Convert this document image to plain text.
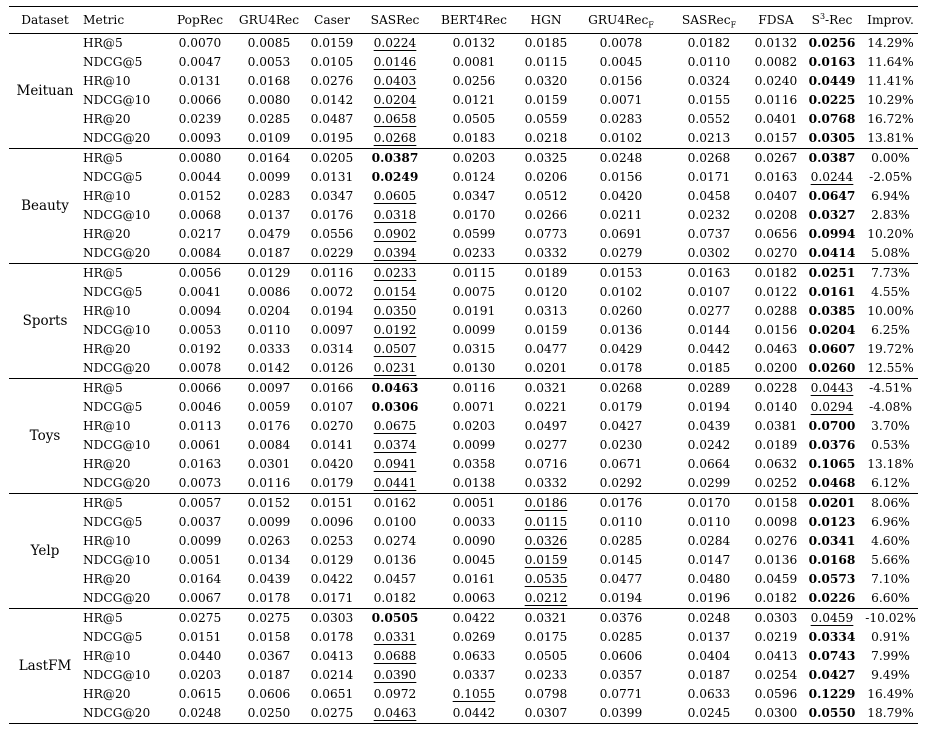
Dataset	Metric	PopRec	GRU4Rec	Caser	SASRec	BERT4Rec	HGN	GRU4Rec$_F$	SASRec$_F$	FDSA	$S^3$-Rec	Improv.
Meituan	HR@5	0.0070	0.0085	0.0159	0.0224	0.0132	0.0185	0.0078	0.0182	0.0132	0.0256	14.29%
	NDCG@5	0.0047	0.0053	0.0105	0.0146	0.0081	0.0115	0.0045	0.0110	0.0082	0.0163	11.64%
	HR@10	0.0131	0.0168	0.0276	0.0403	0.0256	0.0320	0.0156	0.0324	0.0240	0.0449	11.41%
	NDCG@10	0.0066	0.0080	0.0142	0.0204	0.0121	0.0159	0.0071	0.0155	0.0116	0.0225	10.29%
	HR@20	0.0239	0.0285	0.0487	0.0658	0.0505	0.0559	0.0283	0.0552	0.0401	0.0768	16.72%
	NDCG@20	0.0093	0.0109	0.0195	0.0268	0.0183	0.0218	0.0102	0.0213	0.0157	0.0305	13.81%
Beauty	HR@5	0.0080	0.0164	0.0205	0.0387	0.0203	0.0325	0.0248	0.0268	0.0267	0.0387	0.00%
	NDCG@5	0.0044	0.0099	0.0131	0.0249	0.0124	0.0206	0.0156	0.0171	0.0163	0.0244	-2.05%
	HR@10	0.0152	0.0283	0.0347	0.0605	0.0347	0.0512	0.0420	0.0458	0.0407	0.0647	6.94%
	NDCG@10	0.0068	0.0137	0.0176	0.0318	0.0170	0.0266	0.0211	0.0232	0.0208	0.0327	2.83%
	HR@20	0.0217	0.0479	0.0556	0.0902	0.0599	0.0773	0.0691	0.0737	0.0656	0.0994	10.20%
	NDCG@20	0.0084	0.0187	0.0229	0.0394	0.0233	0.0332	0.0279	0.0302	0.0270	0.0414	5.08%
Sports	HR@5	0.0056	0.0129	0.0116	0.0233	0.0115	0.0189	0.0153	0.0163	0.0182	0.0251	7.73%
	NDCG@5	0.0041	0.0086	0.0072	0.0154	0.0075	0.0120	0.0102	0.0107	0.0122	0.0161	4.55%
	HR@10	0.0094	0.0204	0.0194	0.0350	0.0191	0.0313	0.0260	0.0277	0.0288	0.0385	10.00%
	NDCG@10	0.0053	0.0110	0.0097	0.0192	0.0099	0.0159	0.0136	0.0144	0.0156	0.0204	6.25%
	HR@20	0.0192	0.0333	0.0314	0.0507	0.0315	0.0477	0.0429	0.0442	0.0463	0.0607	19.72%
	NDCG@20	0.0078	0.0142	0.0126	0.0231	0.0130	0.0201	0.0178	0.0185	0.0200	0.0260	12.55%
Toys	HR@5	0.0066	0.0097	0.0166	0.0463	0.0116	0.0321	0.0268	0.0289	0.0228	0.0443	-4.51%
	NDCG@5	0.0046	0.0059	0.0107	0.0306	0.0071	0.0221	0.0179	0.0194	0.0140	0.0294	-4.08%
	HR@10	0.0113	0.0176	0.0270	0.0675	0.0203	0.0497	0.0427	0.0439	0.0381	0.0700	3.70%
	NDCG@10	0.0061	0.0084	0.0141	0.0374	0.0099	0.0277	0.0230	0.0242	0.0189	0.0376	0.53%
	HR@20	0.0163	0.0301	0.0420	0.0941	0.0358	0.0716	0.0671	0.0664	0.0632	0.1065	13.18%
	NDCG@20	0.0073	0.0116	0.0179	0.0441	0.0138	0.0332	0.0292	0.0299	0.0252	0.0468	6.12%
Yelp	HR@5	0.0057	0.0152	0.0151	0.0162	0.0051	0.0186	0.0176	0.0170	0.0158	0.0201	8.06%
	NDCG@5	0.0037	0.0099	0.0096	0.0100	0.0033	0.0115	0.0110	0.0110	0.0098	0.0123	6.96%
	HR@10	0.0099	0.0263	0.0253	0.0274	0.0090	0.0326	0.0285	0.0284	0.0276	0.0341	4.60%
	NDCG@10	0.0051	0.0134	0.0129	0.0136	0.0045	0.0159	0.0145	0.0147	0.0136	0.0168	5.66%
	HR@20	0.0164	0.0439	0.0422	0.0457	0.0161	0.0535	0.0477	0.0480	0.0459	0.0573	7.10%
	NDCG@20	0.0067	0.0178	0.0171	0.0182	0.0063	0.0212	0.0194	0.0196	0.0182	0.0226	6.60%
LastFM	HR@5	0.0275	0.0275	0.0303	0.0505	0.0422	0.0321	0.0376	0.0248	0.0303	0.0459	-10.02%
	NDCG@5	0.0151	0.0158	0.0178	0.0331	0.0269	0.0175	0.0285	0.0137	0.0219	0.0334	0.91%
	HR@10	0.0440	0.0367	0.0413	0.0688	0.0633	0.0505	0.0606	0.0404	0.0413	0.0743	7.99%
	NDCG@10	0.0203	0.0187	0.0214	0.0390	0.0337	0.0233	0.0357	0.0187	0.0254	0.0427	9.49%
	HR@20	0.0615	0.0606	0.0651	0.0972	0.1055	0.0798	0.0771	0.0633	0.0596	0.1229	16.49%
	NDCG@20	0.0248	0.0250	0.0275	0.0463	0.0442	0.0307	0.0399	0.0245	0.0300	0.0550	18.79%
